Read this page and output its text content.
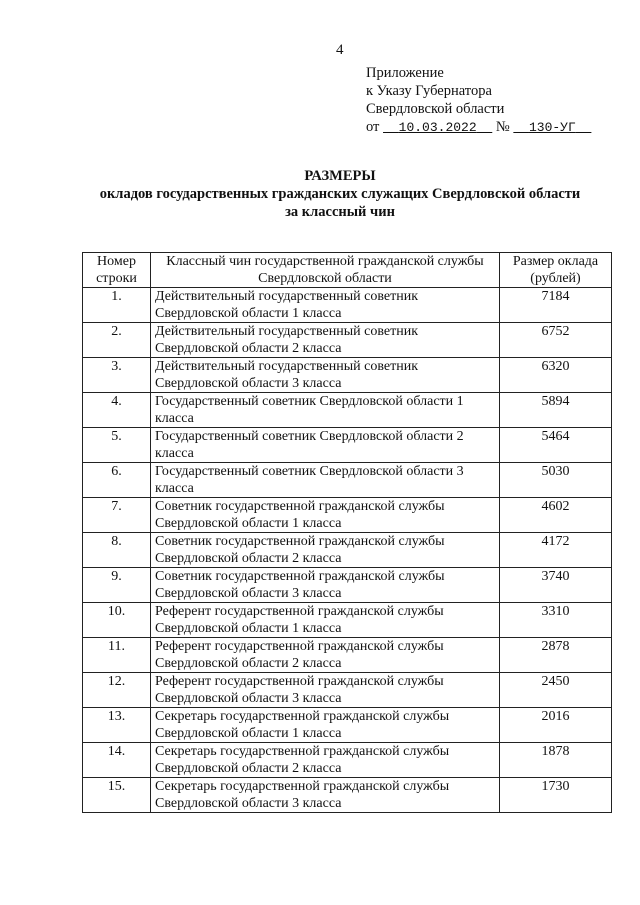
4
Приложение
к Указу Губернатора
Свердловской области
от 10.03.2022 № 130-УГ
РАЗМЕРЫ
окладов государственных гражданских служащих Свердловской области
за классный чин
Номер строки	Классный чин государственной гражданской службы Свердловской области	Размер оклада (рублей)
1.	Действительный государственный советник Свердловской области 1 класса	7184
2.	Действительный государственный советник Свердловской области 2 класса	6752
3.	Действительный государственный советник Свердловской области 3 класса	6320
4.	Государственный советник Свердловской области 1 класса	5894
5.	Государственный советник Свердловской области 2 класса	5464
6.	Государственный советник Свердловской области 3 класса	5030
7.	Советник государственной гражданской службы Свердловской области 1 класса	4602
8.	Советник государственной гражданской службы Свердловской области 2 класса	4172
9.	Советник государственной гражданской службы Свердловской области 3 класса	3740
10.	Референт государственной гражданской службы Свердловской области 1 класса	3310
11.	Референт государственной гражданской службы Свердловской области 2 класса	2878
12.	Референт государственной гражданской службы Свердловской области 3 класса	2450
13.	Секретарь государственной гражданской службы Свердловской области 1 класса	2016
14.	Секретарь государственной гражданской службы Свердловской области 2 класса	1878
15.	Секретарь государственной гражданской службы Свердловской области 3 класса	1730
